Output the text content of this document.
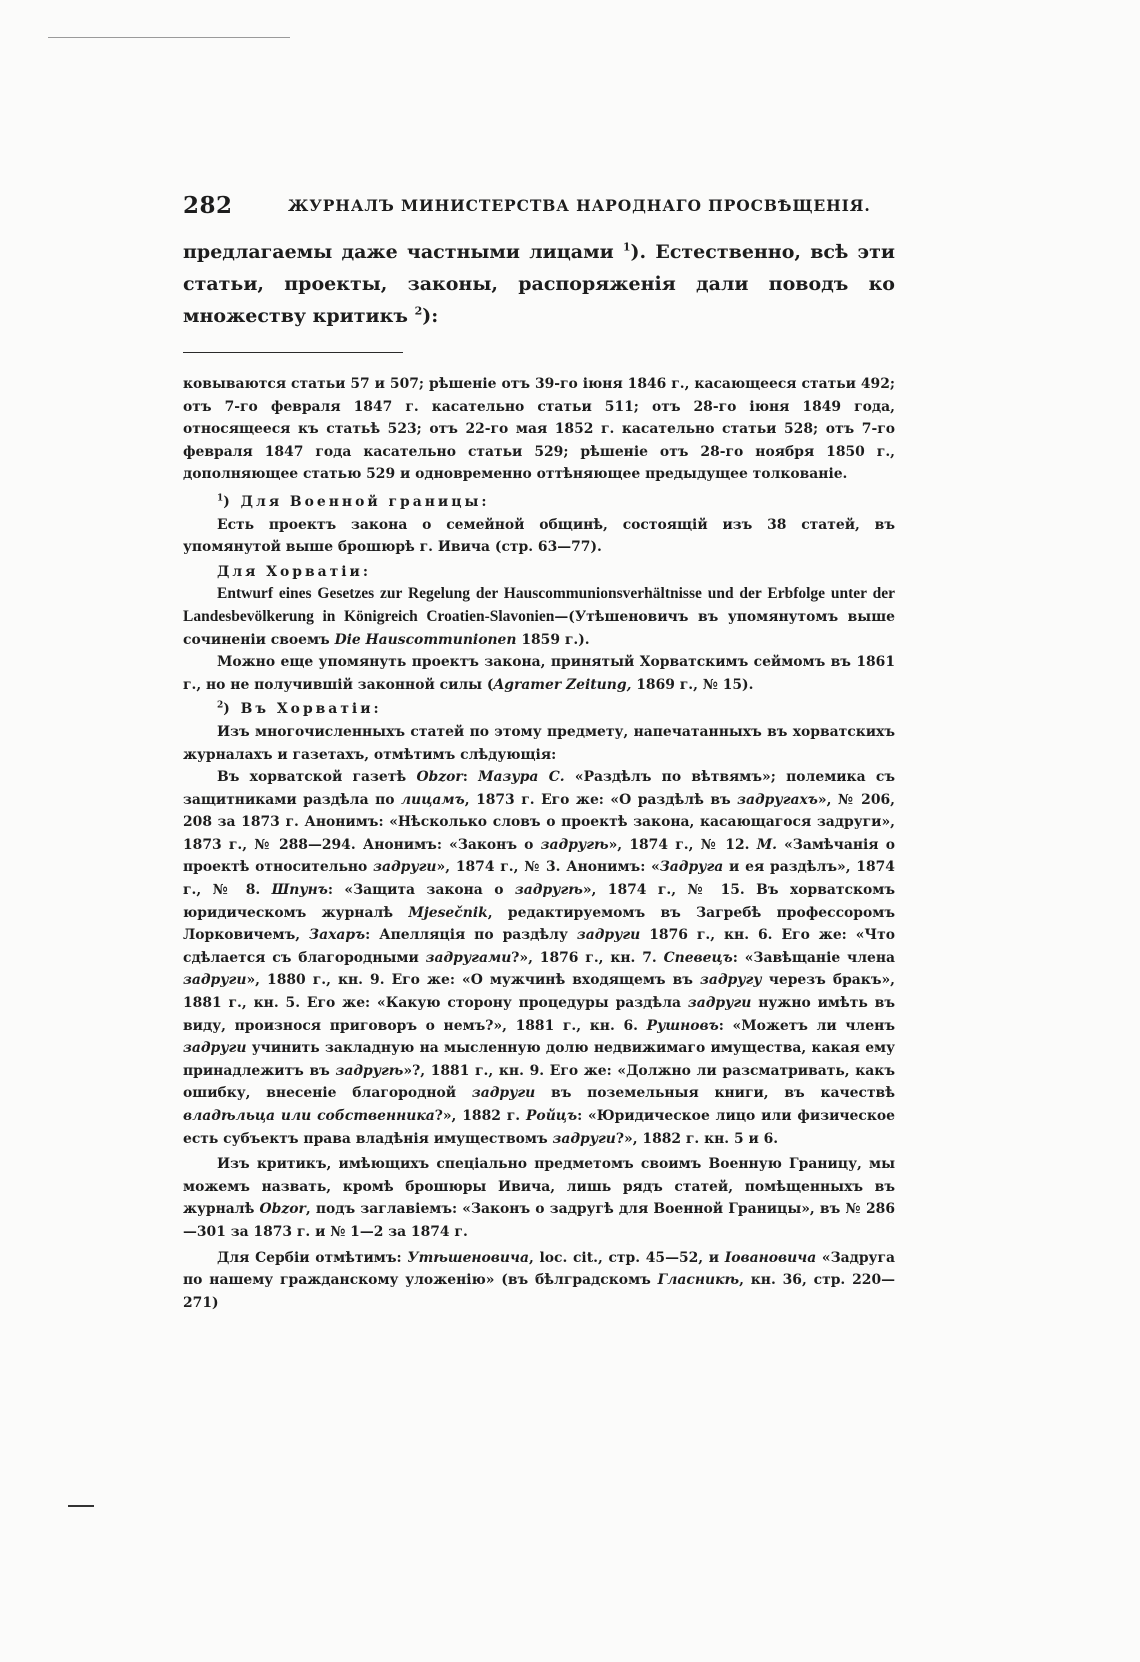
282	ЖУРНАЛЪ МИНИСТЕРСТВА НАРОДНАГО ПРОСВѢЩЕНІЯ.
предлагаемы даже частными лицами $^1$). Естественно, всѣ эти статьи, проекты, законы, распоряженія дали поводъ ко множеству критикъ $^2$):

ковываются статьи 57 и 507; рѣшеніе отъ 39-го іюня 1846 г., касающееся статьи 492; отъ 7-го февраля 1847 г. касательно статьи 511; отъ 28-го іюня 1849 года, относящееся къ статьѣ 523; отъ 22-го мая 1852 г. касательно статьи 528; отъ 7-го февраля 1847 года касательно статьи 529; рѣшеніе отъ 28-го ноября 1850 г., дополняющее статью 529 и одновременно оттѣняющее предыдущее толкованіе.

$^1$) Для Военной границы:

Есть проектъ закона о семейной общинѣ, состоящій изъ 38 статей, въ упомянутой выше брошюрѣ г. Ивича (стр. 63—77).

Для Хорватіи:

Entwurf eines Gesetzes zur Regelung der Hauscommunionsverhältnisse und der Erbfolge unter der Landesbevölkerung in Königreich Croatien-Slavonien—(Утѣшеновичъ въ упомянутомъ выше сочиненіи своемъ Die Hauscommunionen 1859 г.).

Можно еще упомянуть проектъ закона, принятый Хорватскимъ сеймомъ въ 1861 г., но не получившій законной силы (Agramer Zeitung, 1869 г., № 15).

$^2$) Въ Хорватіи:

Изъ многочисленныхъ статей по этому предмету, напечатанныхъ въ хорватскихъ журналахъ и газетахъ, отмѣтимъ слѣдующія:

Въ хорватской газетѣ Obzor: Мазура С. «Раздѣлъ по вѣтвямъ»; полемика съ защитниками раздѣла по лицамъ, 1873 г. Его же: «О раздѣлѣ въ задругахъ», № 206, 208 за 1873 г. Анонимъ: «Нѣсколько словъ о проектѣ закона, касающагося задруги», 1873 г., № 288—294. Анонимъ: «Законъ о задругѣ», 1874 г., № 12. М. «Замѣчанія о проектѣ относительно задруги», 1874 г., № 3. Анонимъ: «Задруга и ея раздѣлъ», 1874 г., № 8. Шпунъ: «Защита закона о задругѣ», 1874 г., № 15. Въ хорватскомъ юридическомъ журналѣ Mjesečnik, редактируемомъ въ Загребѣ профессоромъ Лорковичемъ, Захаръ: Апелляція по раздѣлу задруги 1876 г., кн. 6. Его же: «Что сдѣлается съ благородными задругами?», 1876 г., кн. 7. Спевецъ: «Завѣщаніе члена задруги», 1880 г., кн. 9. Его же: «О мужчинѣ входящемъ въ задругу черезъ бракъ», 1881 г., кн. 5. Его же: «Какую сторону процедуры раздѣла задруги нужно имѣть въ виду, произнося приговоръ о немъ?», 1881 г., кн. 6. Рушновъ: «Можетъ ли членъ задруги учинить закладную на мысленную долю недвижимаго имущества, какая ему принадлежитъ въ задругѣ»?, 1881 г., кн. 9. Его же: «Должно ли разсматривать, какъ ошибку, внесеніе благородной задруги въ поземельныя книги, въ качествѣ владѣльца или собственника?», 1882 г. Ройцъ: «Юридическое лицо или физическое есть субъектъ права владѣнія имуществомъ задруги?», 1882 г. кн. 5 и 6.

Изъ критикъ, имѣющихъ спеціально предметомъ своимъ Военную Границу, мы можемъ назвать, кромѣ брошюры Ивича, лишь рядъ статей, помѣщенныхъ въ журналѣ Obzor, подъ заглавіемъ: «Законъ о задругѣ для Военной Границы», въ № 286—301 за 1873 г. и № 1—2 за 1874 г.

Для Сербіи отмѣтимъ: Утѣшеновича, loc. cit., стр. 45—52, и Іовановича «Задруга по нашему гражданскому уложенію» (въ бѣлградскомъ Гласникѣ, кн. 36, стр. 220—271)
